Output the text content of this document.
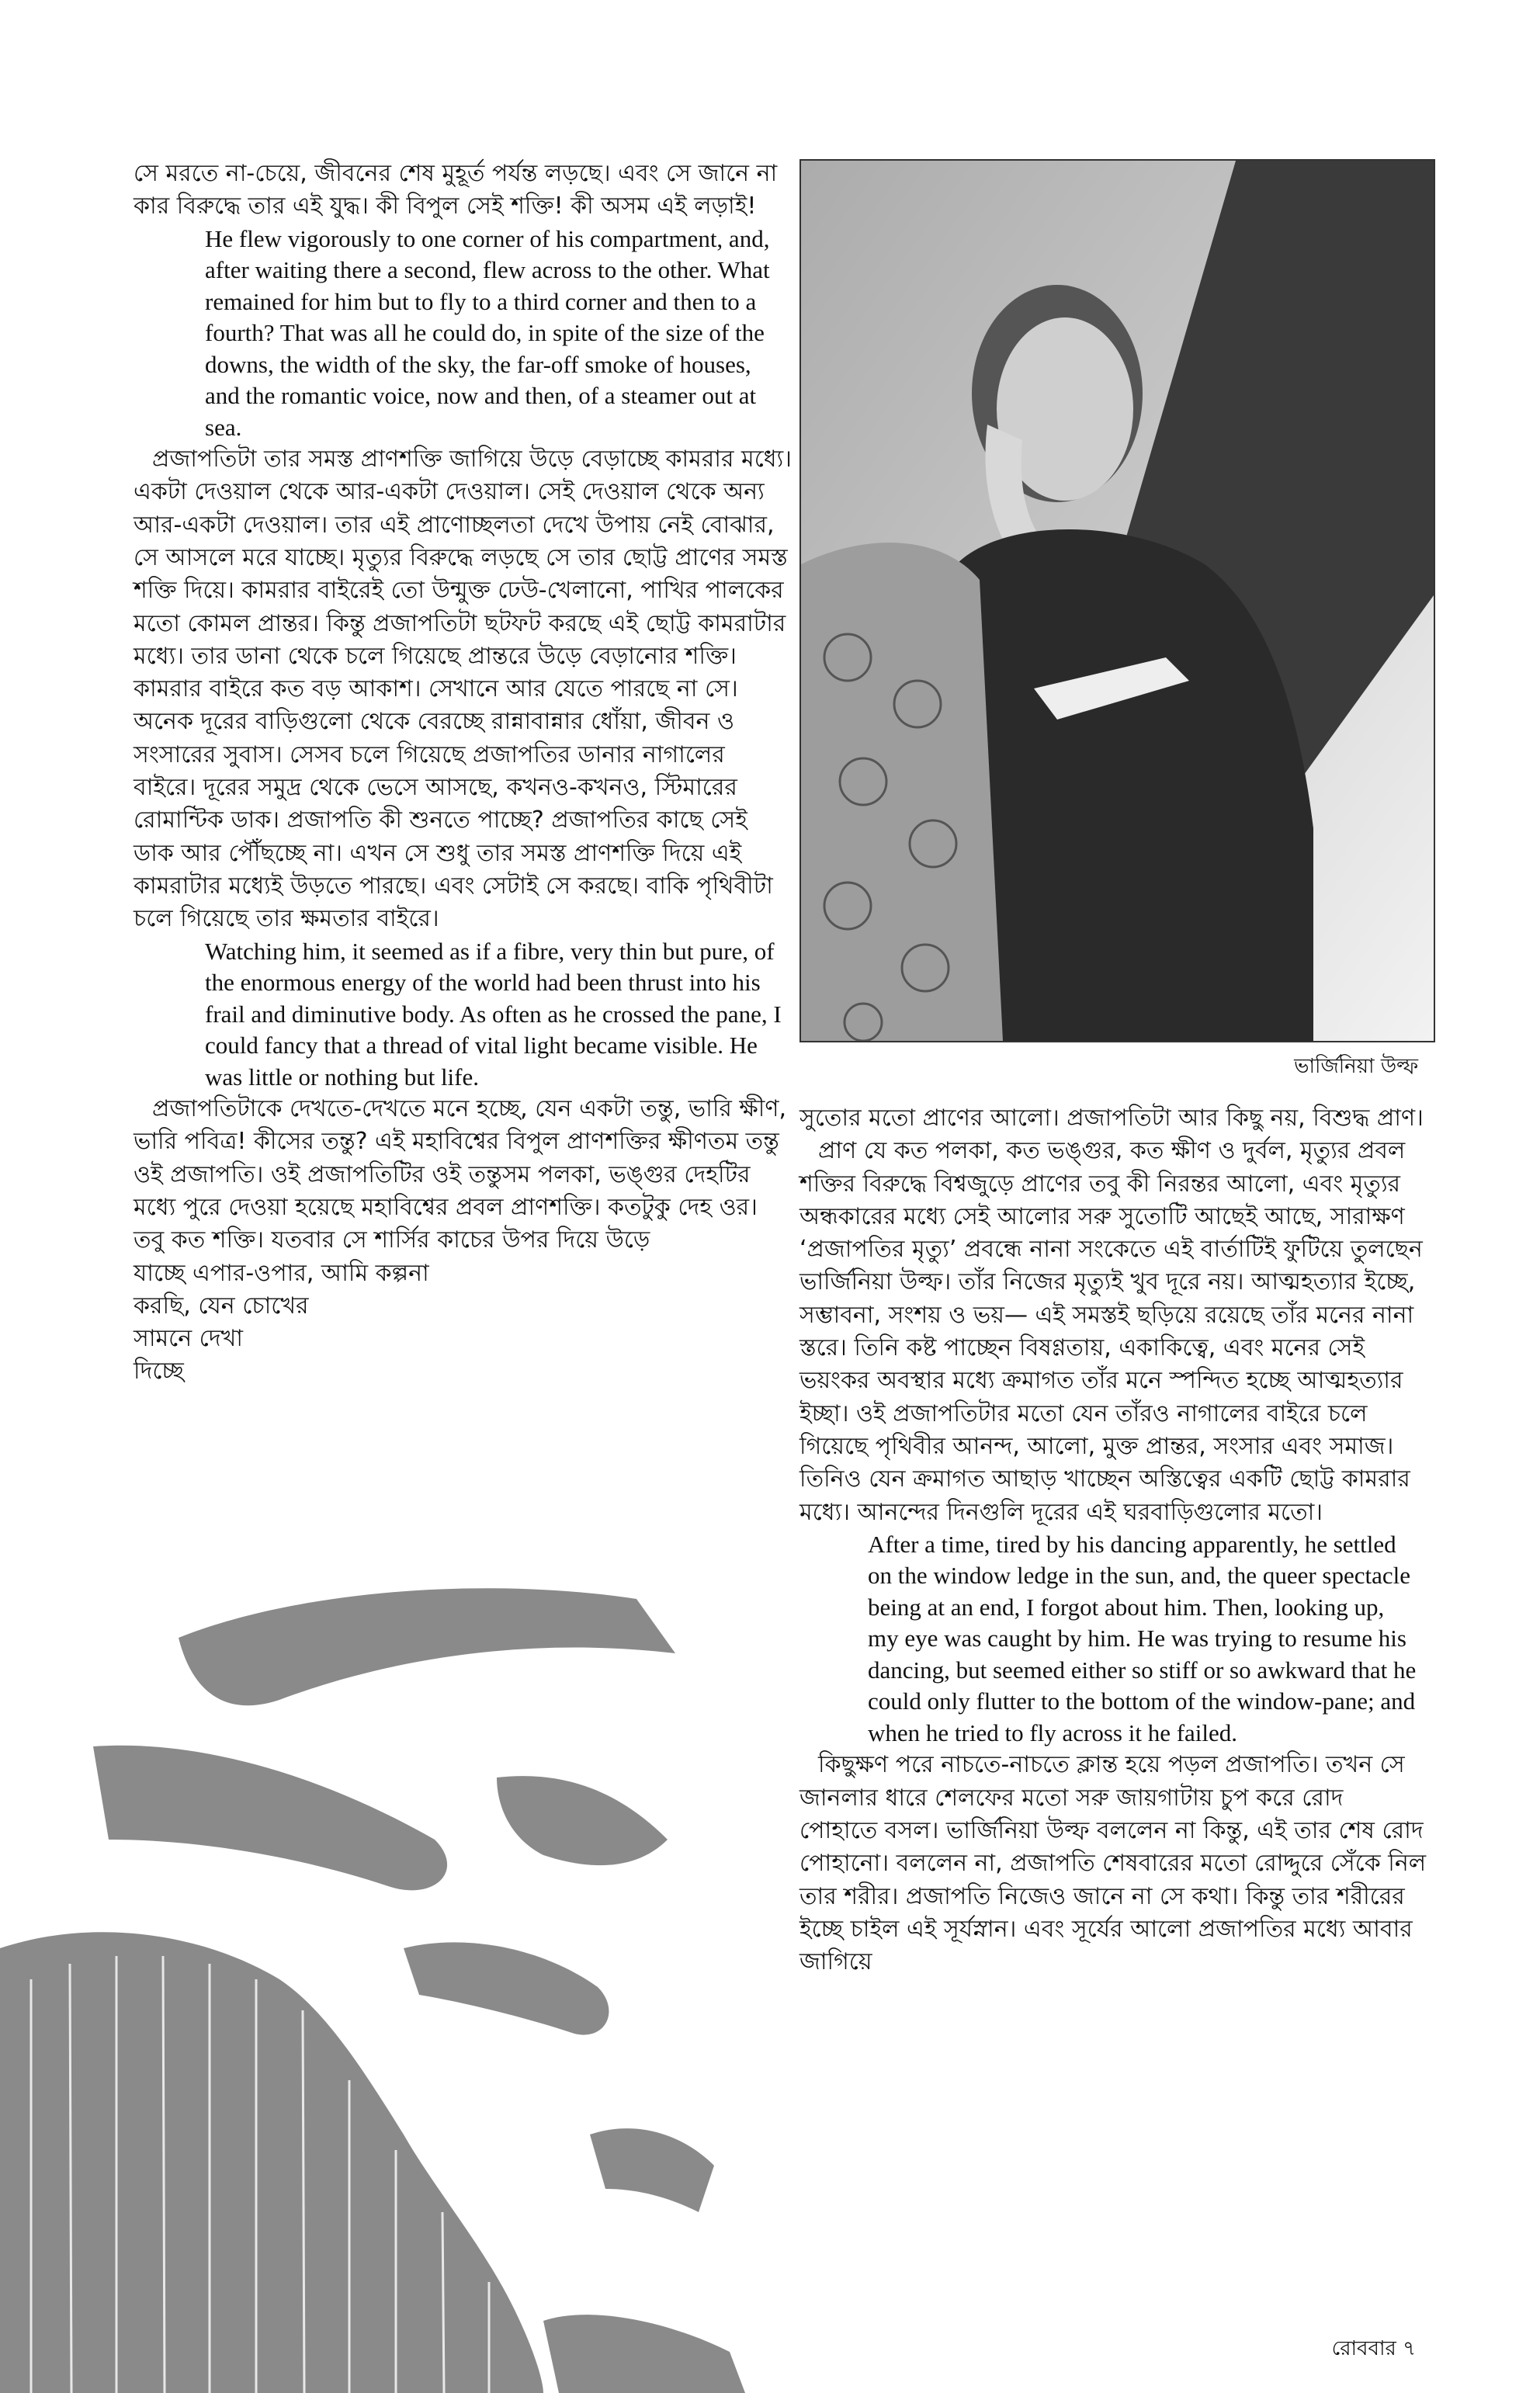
সে মরতে না-চেয়ে, জীবনের শেষ মুহূর্ত পর্যন্ত লড়ছে। এবং সে জানে না কার বিরুদ্ধে তার এই যুদ্ধ। কী বিপুল সেই শক্তি! কী অসম এই লড়াই!

He flew vigorously to one corner of his compartment, and, after waiting there a second, flew across to the other. What remained for him but to fly to a third corner and then to a fourth? That was all he could do, in spite of the size of the downs, the width of the sky, the far-off smoke of houses, and the romantic voice, now and then, of a steamer out at sea.

প্রজাপতিটা তার সমস্ত প্রাণশক্তি জাগিয়ে উড়ে বেড়াচ্ছে কামরার মধ্যে। একটা দেওয়াল থেকে আর-একটা দেওয়াল। সেই দেওয়াল থেকে অন্য আর-একটা দেওয়াল। তার এই প্রাণোচ্ছলতা দেখে উপায় নেই বোঝার, সে আসলে মরে যাচ্ছে। মৃত্যুর বিরুদ্ধে লড়ছে সে তার ছোট্ট প্রাণের সমস্ত শক্তি দিয়ে। কামরার বাইরেই তো উন্মুক্ত ঢেউ-খেলানো, পাখির পালকের মতো কোমল প্রান্তর। কিন্তু প্রজাপতিটা ছটফট করছে এই ছোট্ট কামরাটার মধ্যে। তার ডানা থেকে চলে গিয়েছে প্রান্তরে উড়ে বেড়ানোর শক্তি। কামরার বাইরে কত বড় আকাশ। সেখানে আর যেতে পারছে না সে। অনেক দূরের বাড়িগুলো থেকে বেরচ্ছে রান্নাবান্নার ধোঁয়া, জীবন ও সংসারের সুবাস। সেসব চলে গিয়েছে প্রজাপতির ডানার নাগালের বাইরে। দূরের সমুদ্র থেকে ভেসে আসছে, কখনও-কখনও, স্টিমারের রোমান্টিক ডাক। প্রজাপতি কী শুনতে পাচ্ছে? প্রজাপতির কাছে সেই ডাক আর পৌঁছচ্ছে না। এখন সে শুধু তার সমস্ত প্রাণশক্তি দিয়ে এই কামরাটার মধ্যেই উড়তে পারছে। এবং সেটাই সে করছে। বাকি পৃথিবীটা চলে গিয়েছে তার ক্ষমতার বাইরে।

Watching him, it seemed as if a fibre, very thin but pure, of the enormous energy of the world had been thrust into his frail and diminutive body. As often as he crossed the pane, I could fancy that a thread of vital light became visible. He was little or nothing but life.

প্রজাপতিটাকে দেখতে-দেখতে মনে হচ্ছে, যেন একটা তন্তু, ভারি ক্ষীণ, ভারি পবিত্র! কীসের তন্তু? এই মহাবিশ্বের বিপুল প্রাণশক্তির ক্ষীণতম তন্তু ওই প্রজাপতি। ওই প্রজাপতিটির ওই তন্তুসম পলকা, ভঙ্গুর দেহটির মধ্যে পুরে দেওয়া হয়েছে মহাবিশ্বের প্রবল প্রাণশক্তি। কতটুকু দেহ ওর। তবু কত শক্তি। যতবার সে শার্সির কাচের উপর দিয়ে উড়ে

যাচ্ছে এপার-ওপার, আমি কল্পনা

করছি, যেন চোখের

সামনে দেখা

দিচ্ছে

ভার্জিনিয়া উল্ফ

সুতোর মতো প্রাণের আলো। প্রজাপতিটা আর কিছু নয়, বিশুদ্ধ প্রাণ।

প্রাণ যে কত পলকা, কত ভঙ্গুর, কত ক্ষীণ ও দুর্বল, মৃত্যুর প্রবল শক্তির বিরুদ্ধে বিশ্বজুড়ে প্রাণের তবু কী নিরন্তর আলো, এবং মৃত্যুর অন্ধকারের মধ্যে সেই আলোর সরু সুতোটি আছেই আছে, সারাক্ষণ ‘প্রজাপতির মৃত্যু’ প্রবন্ধে নানা সংকেতে এই বার্তাটিই ফুটিয়ে তুলছেন ভার্জিনিয়া উল্ফ। তাঁর নিজের মৃত্যুই খুব দূরে নয়। আত্মহত্যার ইচ্ছে, সম্ভাবনা, সংশয় ও ভয়— এই সমস্তই ছড়িয়ে রয়েছে তাঁর মনের নানা স্তরে। তিনি কষ্ট পাচ্ছেন বিষণ্ণতায়, একাকিত্বে, এবং মনের সেই ভয়ংকর অবস্থার মধ্যে ক্রমাগত তাঁর মনে স্পন্দিত হচ্ছে আত্মহত্যার ইচ্ছা। ওই প্রজাপতিটার মতো যেন তাঁরও নাগালের বাইরে চলে গিয়েছে পৃথিবীর আনন্দ, আলো, মুক্ত প্রান্তর, সংসার এবং সমাজ। তিনিও যেন ক্রমাগত আছাড় খাচ্ছেন অস্তিত্বের একটি ছোট্ট কামরার মধ্যে। আনন্দের দিনগুলি দূরের এই ঘরবাড়িগুলোর মতো।

After a time, tired by his dancing apparently, he settled on the window ledge in the sun, and, the queer spectacle being at an end, I forgot about him. Then, looking up, my eye was caught by him. He was trying to resume his dancing, but seemed either so stiff or so awkward that he could only flutter to the bottom of the window-pane; and when he tried to fly across it he failed.

কিছুক্ষণ পরে নাচতে-নাচতে ক্লান্ত হয়ে পড়ল প্রজাপতি। তখন সে জানলার ধারে শেলফের মতো সরু জায়গাটায় চুপ করে রোদ পোহাতে বসল। ভার্জিনিয়া উল্ফ বললেন না কিন্তু, এই তার শেষ রোদ পোহানো। বললেন না, প্রজাপতি শেষবারের মতো রোদ্দুরে সেঁকে নিল তার শরীর। প্রজাপতি নিজেও জানে না সে কথা। কিন্তু তার শরীরের ইচ্ছে চাইল এই সূর্যস্নান। এবং সূর্যের আলো প্রজাপতির মধ্যে আবার জাগিয়ে

রোববার ৭
